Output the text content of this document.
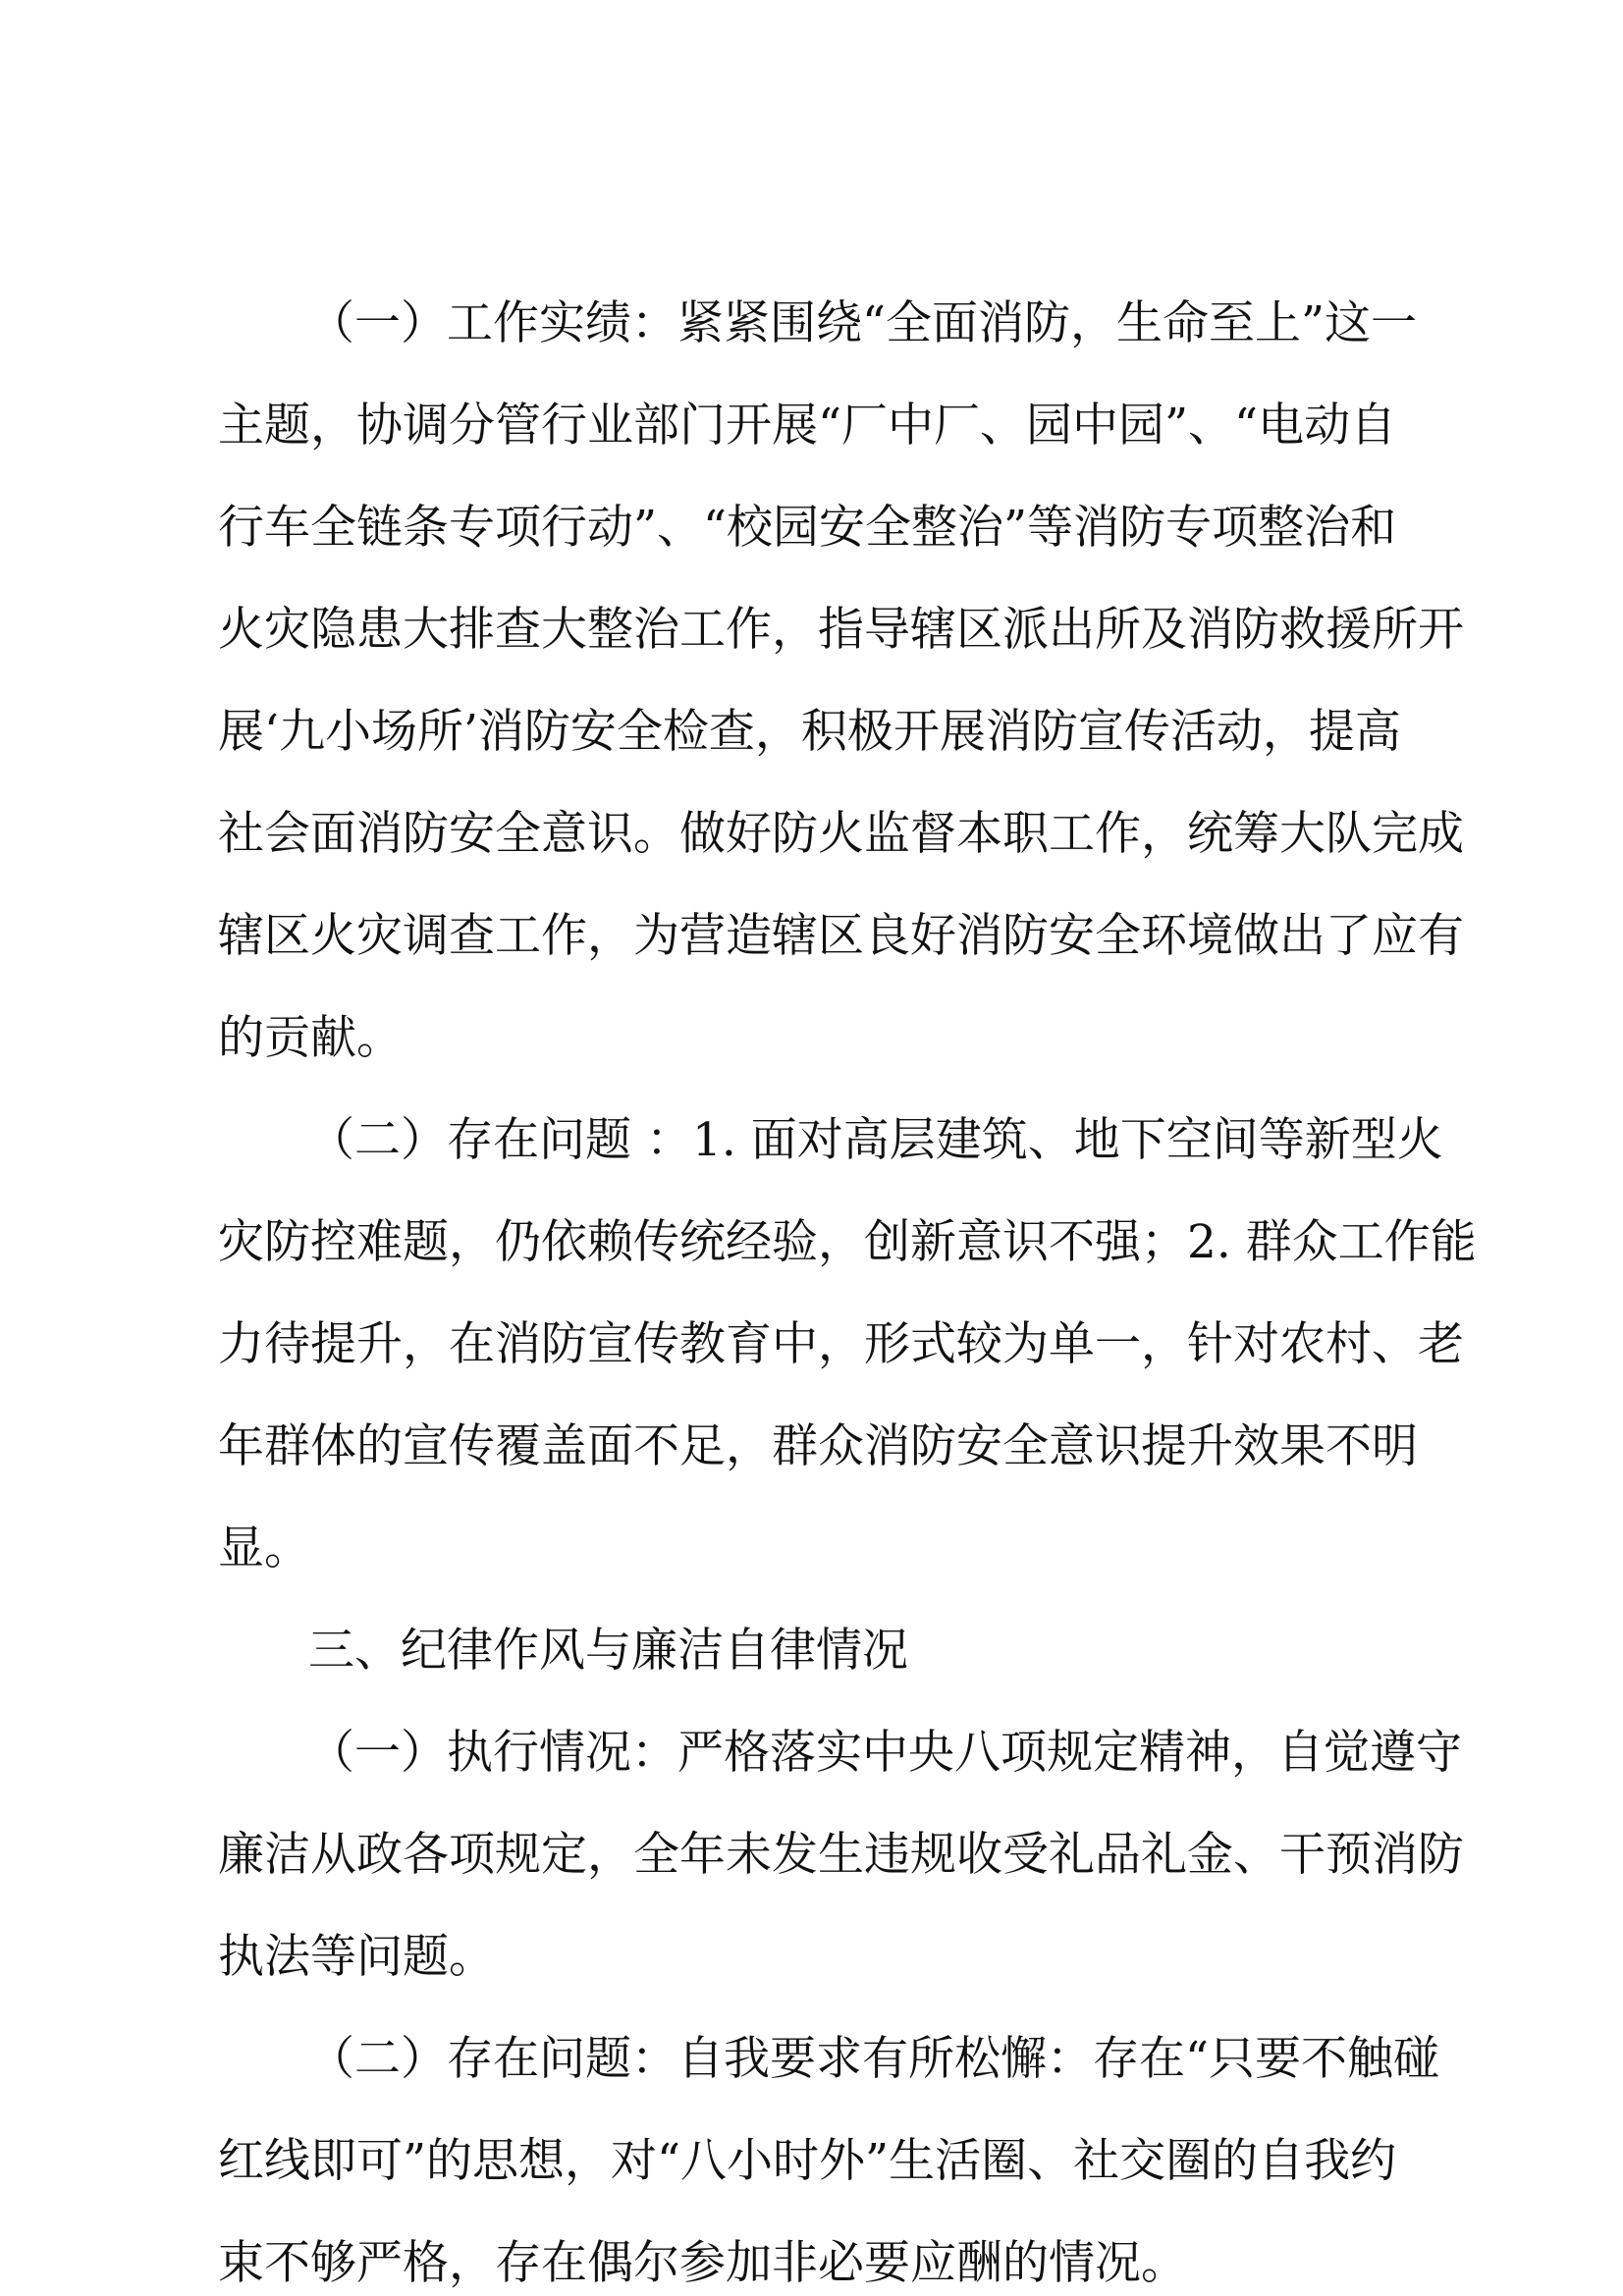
（一）工作实绩：紧紧围绕“全面消防，生命至上”这一
主题，协调分管行业部门开展“厂中厂、园中园”、“电动自
行车全链条专项行动”、“校园安全整治”等消防专项整治和
火灾隐患大排查大整治工作，指导辖区派出所及消防救援所开
展‘九小场所’消防安全检查，积极开展消防宣传活动，提高
社会面消防安全意识。做好防火监督本职工作，统筹大队完成
辖区火灾调查工作，为营造辖区良好消防安全环境做出了应有
的贡献。
（二）存在问题 ：1. 面对高层建筑、地下空间等新型火
灾防控难题，仍依赖传统经验，创新意识不强；2. 群众工作能
力待提升，在消防宣传教育中，形式较为单一，针对农村、老
年群体的宣传覆盖面不足，群众消防安全意识提升效果不明
显。
三、纪律作风与廉洁自律情况
（一）执行情况：严格落实中央八项规定精神，自觉遵守
廉洁从政各项规定，全年未发生违规收受礼品礼金、干预消防
执法等问题。
（二）存在问题：自我要求有所松懈：存在“只要不触碰
红线即可”的思想，对“八小时外”生活圈、社交圈的自我约
束不够严格，存在偶尔参加非必要应酬的情况。
